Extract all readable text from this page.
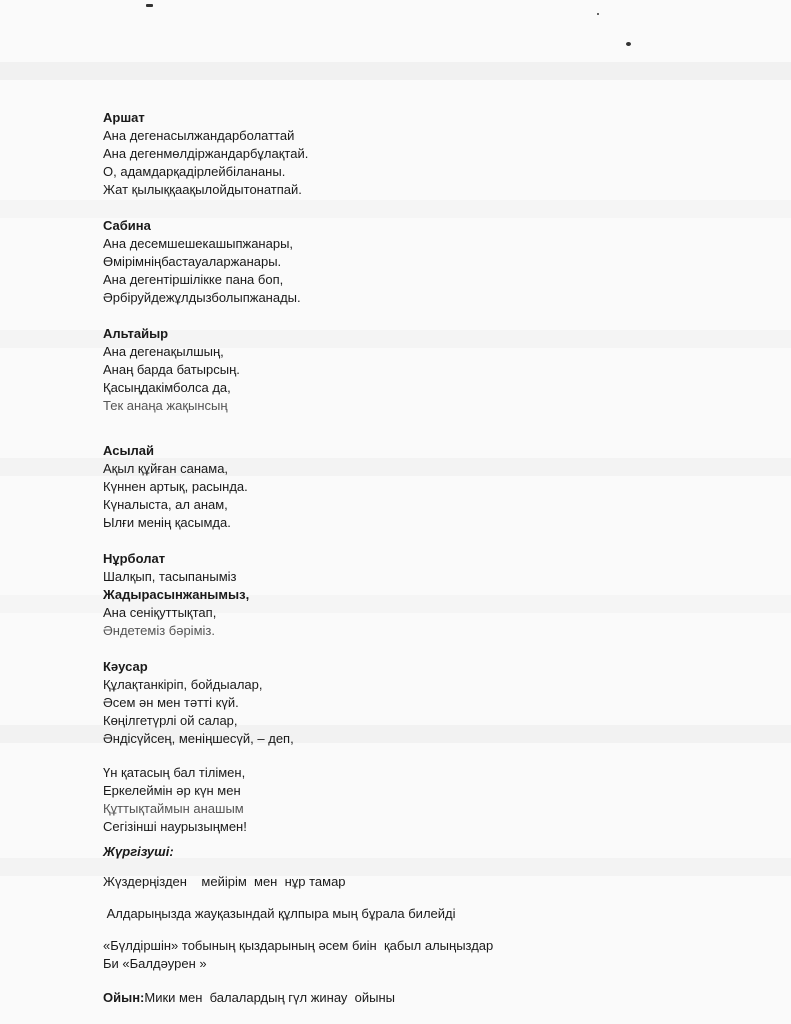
Аршат

Ана дегенасылжандарболаттай

Ана дегенмөлдіржандарбұлақтай.

О, адамдарқадірлейбілананы.

Жат қылыққаақылойдытонатпай.

Сабина

Ана десемшешекашыпжанары,

Өмірімніңбастауаларжанары.

Ана дегентіршілікке пана боп,

Әрбіруйдежұлдызболыпжанады.

Альтайыр

Ана дегенақылшың,

Анаң барда батырсың.

Қасыңдакімболса да,

Тек анаңа жақынсың

Асылай

Ақыл құйған санама,

Күннен артық, расында.

Күналыста, ал анам,

Ылғи менің қасымда.

Нұрболат

Шалқып, тасыпаныміз

Жадырасынжанымыз,

Ана сеніқуттықтап,

Әндетеміз бәріміз.

Кәусар

Құлақтанкіріп, бойдыалар,

Әсем ән мен тәтті күй.

Көңілгетүрлі ой салар,

Әндісүйсең, меніңшесүй, – деп,

Үн қатасың бал тілімен,

Еркелеймін әр күн мен

Құттықтаймын анашым

Сегізінші наурызыңмен!

Жүргізуші:

Жүздерңізден    мейірім  мен  нұр тамар

Алдарыңызда жауқазындай құлпыра мың бұрала билейді

«Бүлдіршін» тобының қыздарының әсем биін  қабыл алыңыздар

Би «Балдәурен »

Ойын:Мики мен  балалардың гүл жинау  ойыны
